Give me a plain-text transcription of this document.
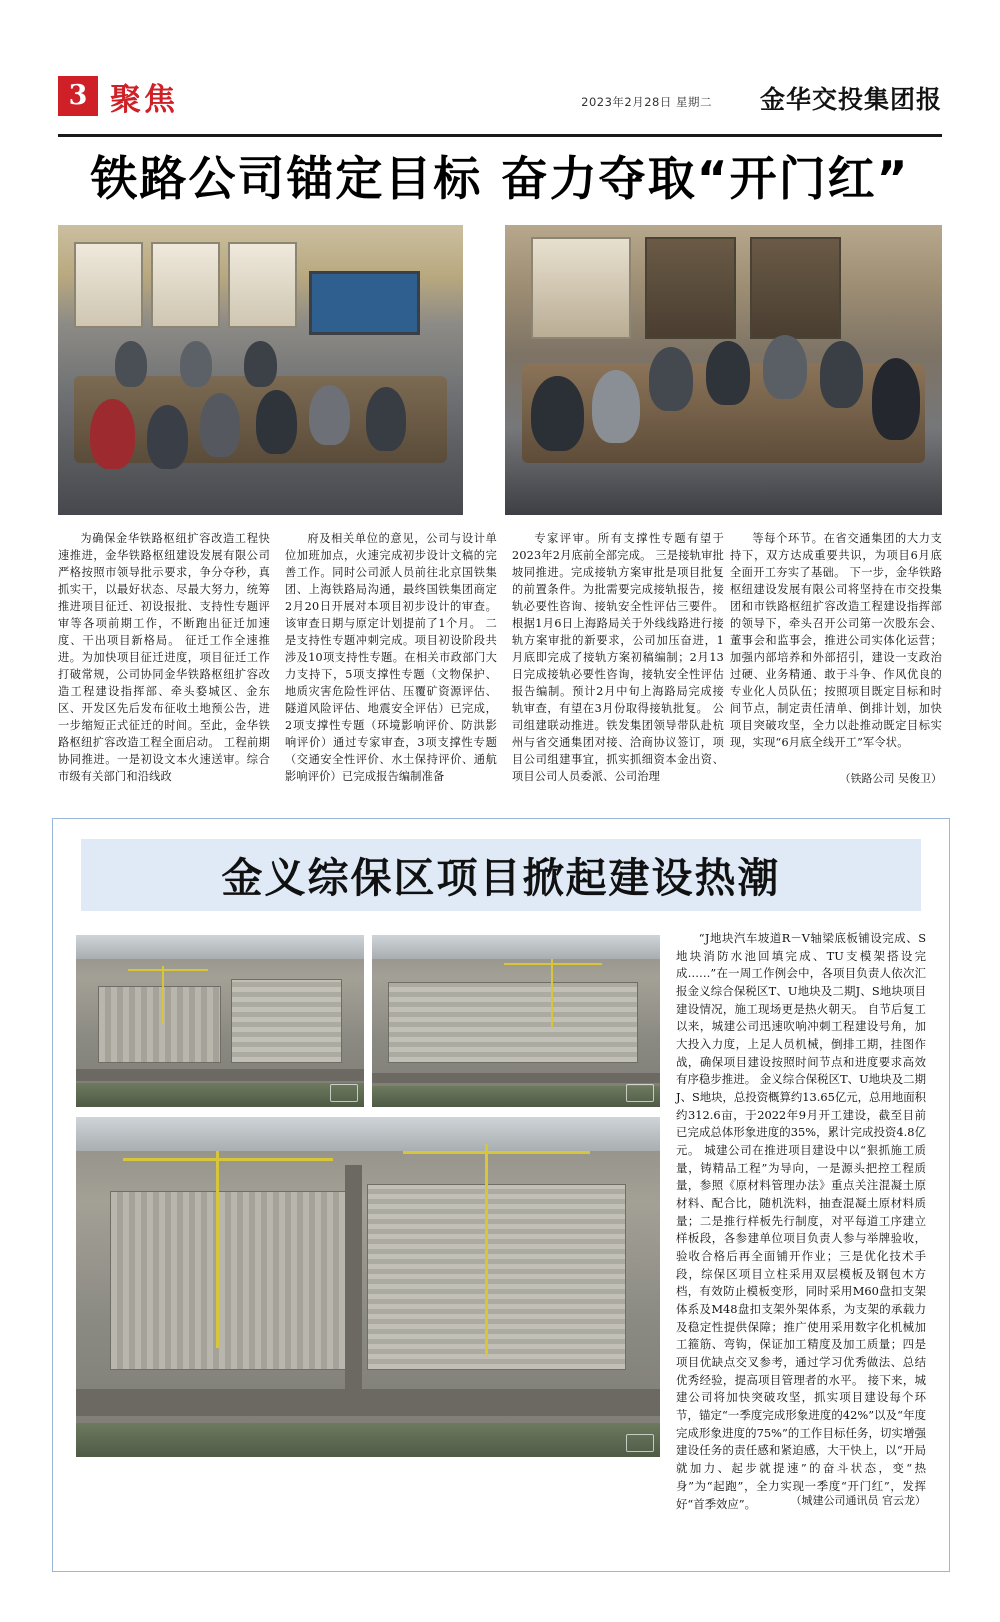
3 聚焦	2023年2月28日 星期二 金华交投集团报
铁路公司锚定目标 奋力夺取“开门红”

为确保金华铁路枢纽扩容改造工程快速推进，金华铁路枢纽建设发展有限公司严格按照市领导批示要求，争分夺秒，真抓实干，以最好状态、尽最大努力，统筹推进项目征迁、初设报批、支持性专题评审等各项前期工作，不断跑出征迁加速度、干出项目新格局。 征迁工作全速推进。为加快项目征迁进度，项目征迁工作打破常规，公司协同金华铁路枢纽扩容改造工程建设指挥部、牵头婺城区、金东区、开发区先后发布征收土地预公告，进一步缩短正式征迁的时间。至此，金华铁路枢纽扩容改造工程全面启动。 工程前期协同推进。一是初设文本火速送审。综合市级有关部门和沿线政

府及相关单位的意见，公司与设计单位加班加点，火速完成初步设计文稿的完善工作。同时公司派人员前往北京国铁集团、上海铁路局沟通，最终国铁集团商定2月20日开展对本项目初步设计的审查。该审查日期与原定计划提前了1个月。 二是支持性专题冲刺完成。项目初设阶段共涉及10项支持性专题。在相关市政部门大力支持下，5项支撑性专题（文物保护、地质灾害危险性评估、压覆矿资源评估、隧道风险评估、地震安全评估）已完成，2项支撑性专题（环境影响评价、防洪影响评价）通过专家审查，3项支撑性专题（交通安全性评价、水土保持评价、通航影响评价）已完成报告编制准备

专家评审。所有支撑性专题有望于2023年2月底前全部完成。 三是接轨审批坡同推进。完成接轨方案审批是项目批复的前置条件。为批需要完成接轨报告，接轨必要性咨询、接轨安全性评估三要件。根据1月6日上海路局关于外线线路进行接轨方案审批的新要求，公司加压奋进，1月底即完成了接轨方案初稿编制；2月13日完成接轨必要性咨询，接轨安全性评估报告编制。预计2月中旬上海路局完成接轨审查，有望在3月份取得接轨批复。 公司组建联动推进。铁发集团领导带队赴杭州与省交通集团对接、洽商协议签订，项目公司组建事宜，抓实抓细资本金出资、项目公司人员委派、公司治理

等每个环节。在省交通集团的大力支持下，双方达成重要共识，为项目6月底全面开工夯实了基础。 下一步，金华铁路枢纽建设发展有限公司将坚持在市交投集团和市铁路枢纽扩容改造工程建设指挥部的领导下，牵头召开公司第一次股东会、董事会和监事会，推进公司实体化运营；加强内部培养和外部招引，建设一支政治过硬、业务精通、敢于斗争、作风优良的专业化人员队伍；按照项目既定目标和时间节点，制定责任清单、倒排计划，加快项目突破攻坚，全力以赴推动既定目标实现，实现“6月底全线开工”军令状。

（铁路公司 吴俊卫）
金义综保区项目掀起建设热潮

“J地块汽车坡道R－V轴梁底板铺设完成、S地块消防水池回填完成、TU支模架搭设完成……”在一周工作例会中，各项目负责人依次汇报金义综合保税区T、U地块及二期J、S地块项目建设情况，施工现场更是热火朝天。 自节后复工以来，城建公司迅速吹响冲刺工程建设号角，加大投入力度，上足人员机械，倒排工期，挂图作战，确保项目建设按照时间节点和进度要求高效有序稳步推进。 金义综合保税区T、U地块及二期J、S地块，总投资概算约13.65亿元，总用地面积约312.6亩，于2022年9月开工建设，截至目前已完成总体形象进度的35%，累计完成投资4.8亿元。 城建公司在推进项目建设中以“狠抓施工质量，铸精品工程”为导向，一是源头把控工程质量，参照《原材料管理办法》重点关注混凝土原材料、配合比，随机洗料，抽查混凝土原材料质量；二是推行样板先行制度，对平每道工序建立样板段，各参建单位项目负责人参与举牌验收，验收合格后再全面铺开作业；三是优化技术手段，综保区项目立柱采用双层模板及钢包木方档，有效防止模板变形，同时采用M60盘扣支架体系及M48盘扣支架外架体系，为支架的承载力及稳定性提供保障；推广使用采用数字化机械加工箍筋、弯钩，保证加工精度及加工质量；四是项目优缺点交叉参考，通过学习优秀做法、总结优秀经验，提高项目管理者的水平。 接下来，城建公司将加快突破攻坚，抓实项目建设每个环节，锚定“一季度完成形象进度的42%”以及“年度完成形象进度的75%”的工作目标任务，切实增强建设任务的责任感和紧迫感，大干快上，以“开局就加力、起步就提速”的奋斗状态，变“热身”为“起跑”，全力实现一季度“开门红”，发挥好“首季效应”。	（城建公司通讯员 官云龙）
